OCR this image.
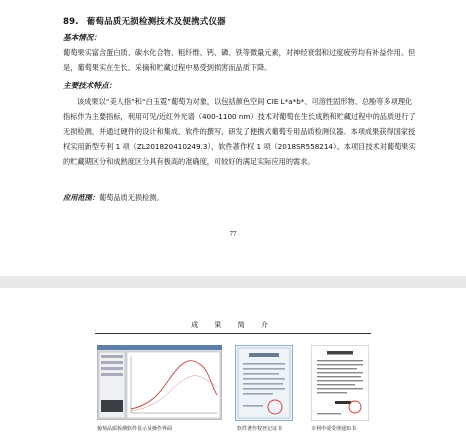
89. 葡萄品质无损检测技术及便携式仪器
基本情况：
葡萄果实富含蛋白质、碳水化合物、粗纤维、钙、磷、铁等微量元素，对神经衰弱和过度疲劳均有补益作用。但是，葡萄果实在生长、采摘和贮藏过程中易受到损害而品质下降。
主要技术特点：
该成果以“美人指”和“白玉霓”葡萄为对象，以包括颜色空间 CIE L*a*b*、可溶性固形物、总酚等多项理化指标作为主要指标，利用可见/近红外光谱（400-1100 nm）技术对葡萄在生长成熟和贮藏过程中的品质进行了无损检测，并通过硬件的设计和集成、软件的撰写，研发了便携式葡萄专用品质检测仪器。本项成果获得国家授权实用新型专利 1 项（ZL201820410249.3），软件著作权 1 项（2018SR558214）。本项目技术对葡萄果实的贮藏期区分和成熟度区分具有极高的准确度，可较好的满足实际应用的需求。
应用范围：葡萄品质无损检测。
77
成 果 简 介
葡萄品质检测软件显示及操作界面	软件著作权登记证书	专利申请受理通知书
